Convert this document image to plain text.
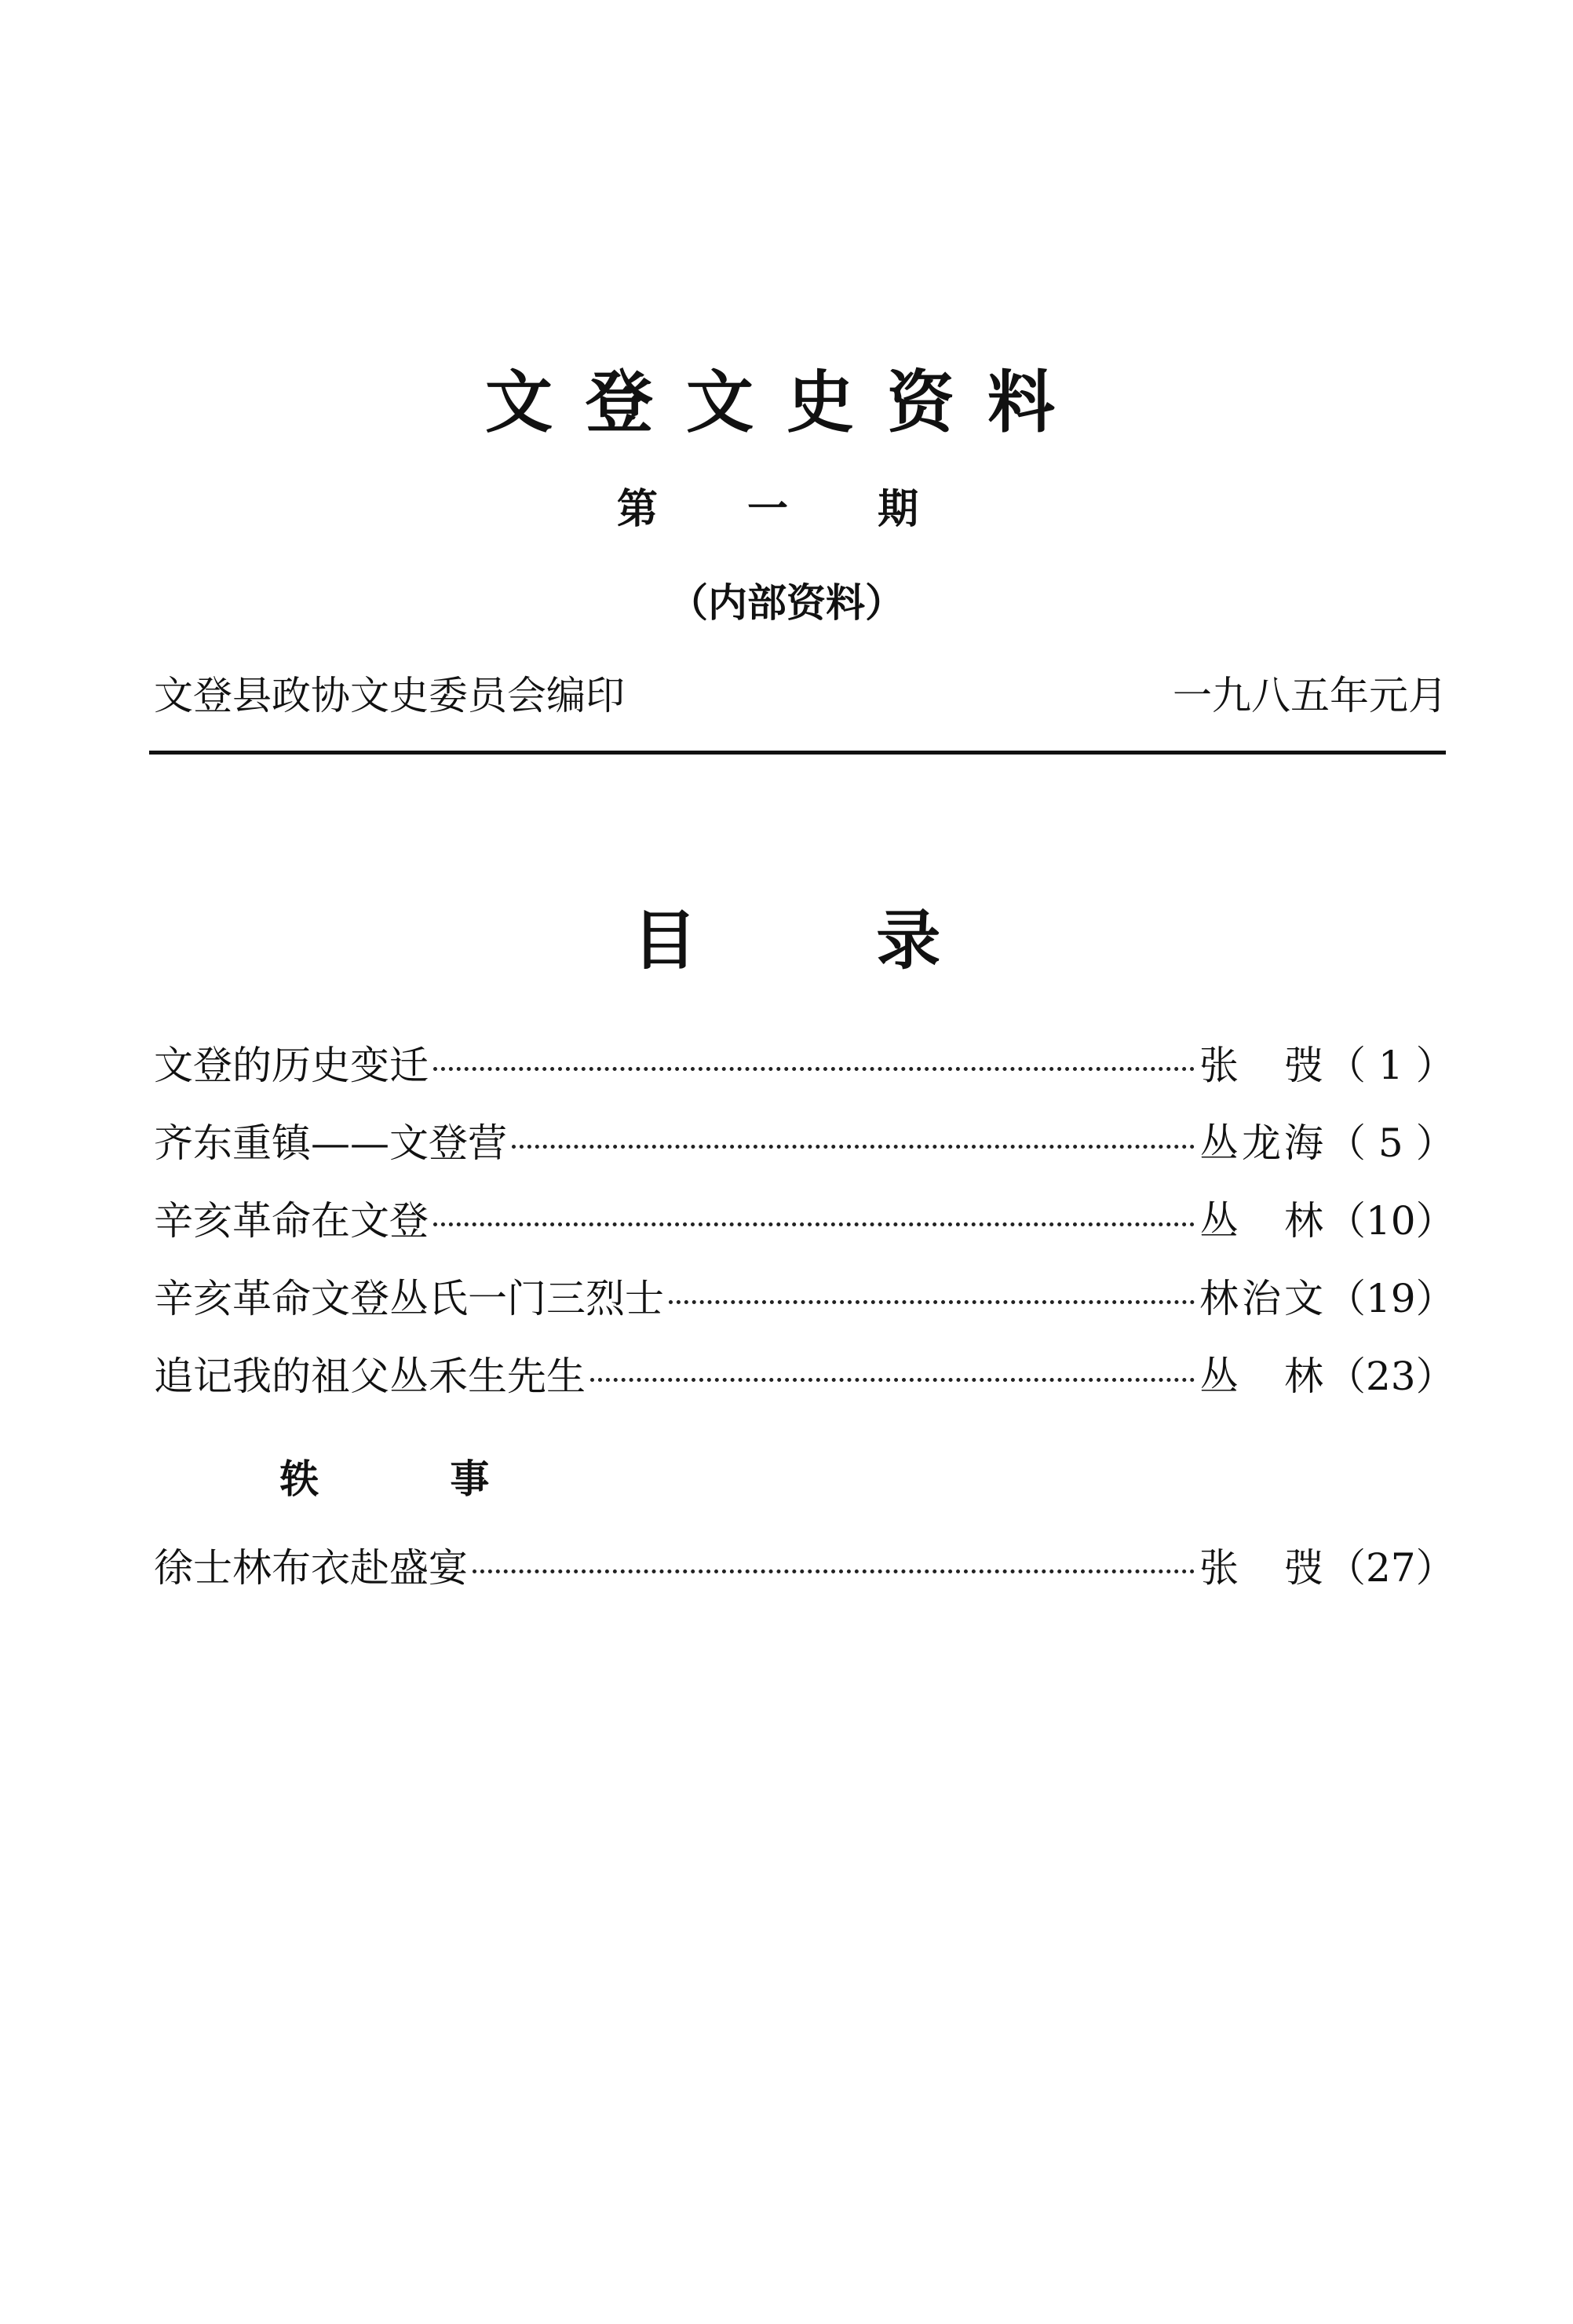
文登文史资料
第 一 期
（内部资料）
文登县政协文史委员会编印	一九八五年元月
目 录
文登的历史变迁	张　弢 （ 1 ）
齐东重镇——文登营	丛龙海 （ 5 ）
辛亥革命在文登	丛　林 （10）
辛亥革命文登丛氏一门三烈士	林治文 （19）
追记我的祖父丛禾生先生	丛　林 （23）
轶 事
徐士林布衣赴盛宴	张　弢 （27）
